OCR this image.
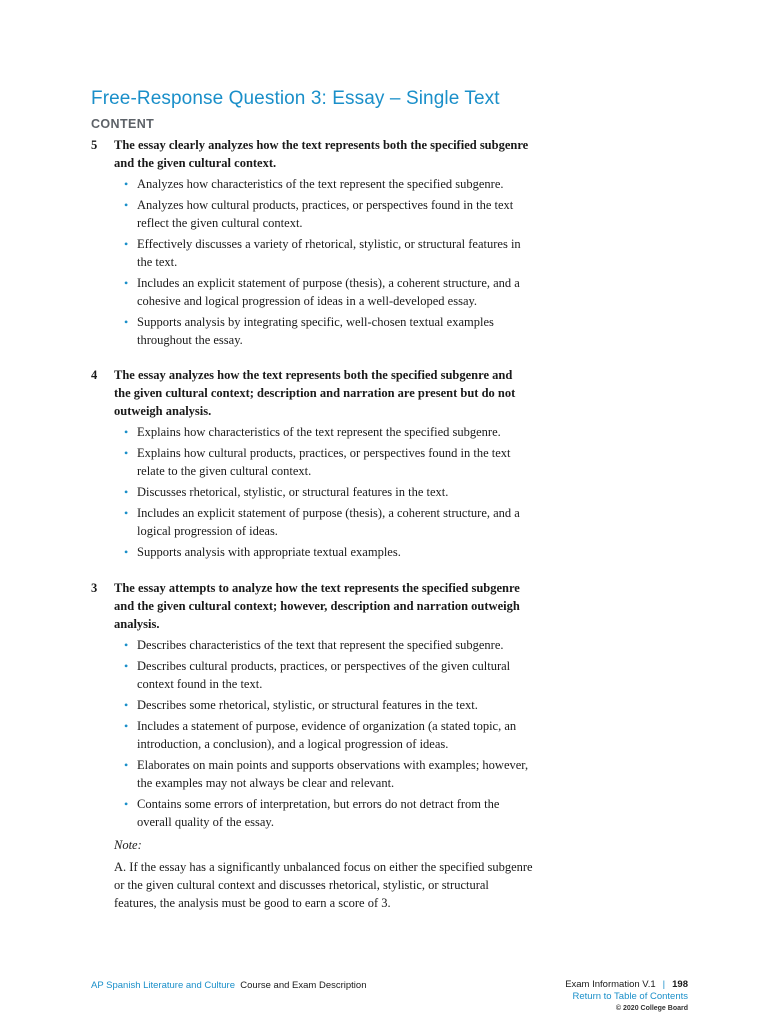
Free-Response Question 3: Essay – Single Text
CONTENT
5 The essay clearly analyzes how the text represents both the specified subgenre and the given cultural context.

• Analyzes how characteristics of the text represent the specified subgenre.
• Analyzes how cultural products, practices, or perspectives found in the text reflect the given cultural context.
• Effectively discusses a variety of rhetorical, stylistic, or structural features in the text.
• Includes an explicit statement of purpose (thesis), a coherent structure, and a cohesive and logical progression of ideas in a well-developed essay.
• Supports analysis by integrating specific, well-chosen textual examples throughout the essay.
4 The essay analyzes how the text represents both the specified subgenre and the given cultural context; description and narration are present but do not outweigh analysis.

• Explains how characteristics of the text represent the specified subgenre.
• Explains how cultural products, practices, or perspectives found in the text relate to the given cultural context.
• Discusses rhetorical, stylistic, or structural features in the text.
• Includes an explicit statement of purpose (thesis), a coherent structure, and a logical progression of ideas.
• Supports analysis with appropriate textual examples.
3 The essay attempts to analyze how the text represents the specified subgenre and the given cultural context; however, description and narration outweigh analysis.

• Describes characteristics of the text that represent the specified subgenre.
• Describes cultural products, practices, or perspectives of the given cultural context found in the text.
• Describes some rhetorical, stylistic, or structural features in the text.
• Includes a statement of purpose, evidence of organization (a stated topic, an introduction, a conclusion), and a logical progression of ideas.
• Elaborates on main points and supports observations with examples; however, the examples may not always be clear and relevant.
• Contains some errors of interpretation, but errors do not detract from the overall quality of the essay.
Note:
A. If the essay has a significantly unbalanced focus on either the specified subgenre or the given cultural context and discusses rhetorical, stylistic, or structural features, the analysis must be good to earn a score of 3.
AP Spanish Literature and Culture Course and Exam Description	Exam Information V.1 | 198
Return to Table of Contents
© 2020 College Board
